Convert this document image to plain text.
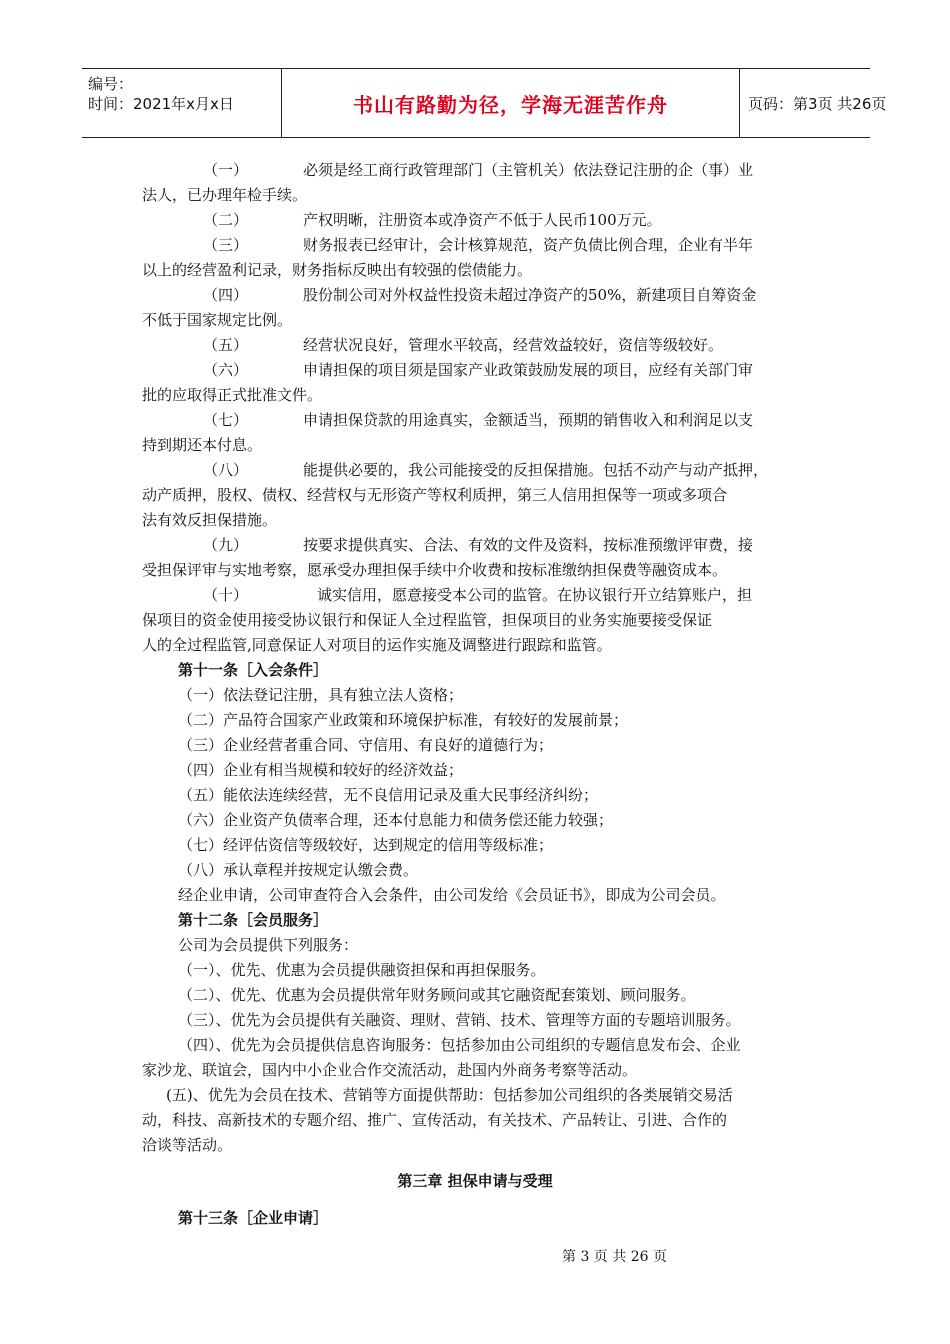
编号：
时间：2021年x月x日	书山有路勤为径，学海无涯苦作舟	页码：第3页 共26页
（一）	必须是经工商行政管理部门（主管机关）依法登记注册的企（事）业
法人，已办理年检手续。
（二）	产权明晰，注册资本或净资产不低于人民币100万元。
（三）	财务报表已经审计，会计核算规范，资产负债比例合理，企业有半年
以上的经营盈利记录，财务指标反映出有较强的偿债能力。
（四）	股份制公司对外权益性投资未超过净资产的50%，新建项目自筹资金
不低于国家规定比例。
（五）	经营状况良好，管理水平较高，经营效益较好，资信等级较好。
（六）	申请担保的项目须是国家产业政策鼓励发展的项目，应经有关部门审
批的应取得正式批准文件。
（七）	申请担保贷款的用途真实，金额适当，预期的销售收入和利润足以支
持到期还本付息。
（八）	能提供必要的，我公司能接受的反担保措施。包括不动产与动产抵押，
动产质押，股权、债权、经营权与无形资产等权利质押，第三人信用担保等一项或多项合
法有效反担保措施。
（九）	按要求提供真实、合法、有效的文件及资料，按标准预缴评审费，接
受担保评审与实地考察，愿承受办理担保手续中介收费和按标准缴纳担保费等融资成本。
（十）	诚实信用，愿意接受本公司的监管。在协议银行开立结算账户，担
保项目的资金使用接受协议银行和保证人全过程监管，担保项目的业务实施要接受保证
人的全过程监管,同意保证人对项目的运作实施及调整进行跟踪和监管。
第十一条［入会条件］
（一）依法登记注册，具有独立法人资格；
（二）产品符合国家产业政策和环境保护标准，有较好的发展前景；
（三）企业经营者重合同、守信用、有良好的道德行为；
（四）企业有相当规模和较好的经济效益；
（五）能依法连续经营，无不良信用记录及重大民事经济纠纷；
（六）企业资产负债率合理，还本付息能力和债务偿还能力较强；
（七）经评估资信等级较好，达到规定的信用等级标准；
（八）承认章程并按规定认缴会费。
经企业申请，公司审查符合入会条件，由公司发给《会员证书》，即成为公司会员。
第十二条［会员服务］
公司为会员提供下列服务：
（一）、优先、优惠为会员提供融资担保和再担保服务。
（二）、优先、优惠为会员提供常年财务顾问或其它融资配套策划、顾问服务。
（三）、优先为会员提供有关融资、理财、营销、技术、管理等方面的专题培训服务。
（四）、优先为会员提供信息咨询服务：包括参加由公司组织的专题信息发布会、企业
家沙龙、联谊会，国内中小企业合作交流活动，赴国内外商务考察等活动。
(五)、优先为会员在技术、营销等方面提供帮助：包括参加公司组织的各类展销交易活
动，科技、高新技术的专题介绍、推广、宣传活动，有关技术、产品转让、引进、合作的
洽谈等活动。
第三章 担保申请与受理
第十三条［企业申请］
第 3 页 共 26 页
